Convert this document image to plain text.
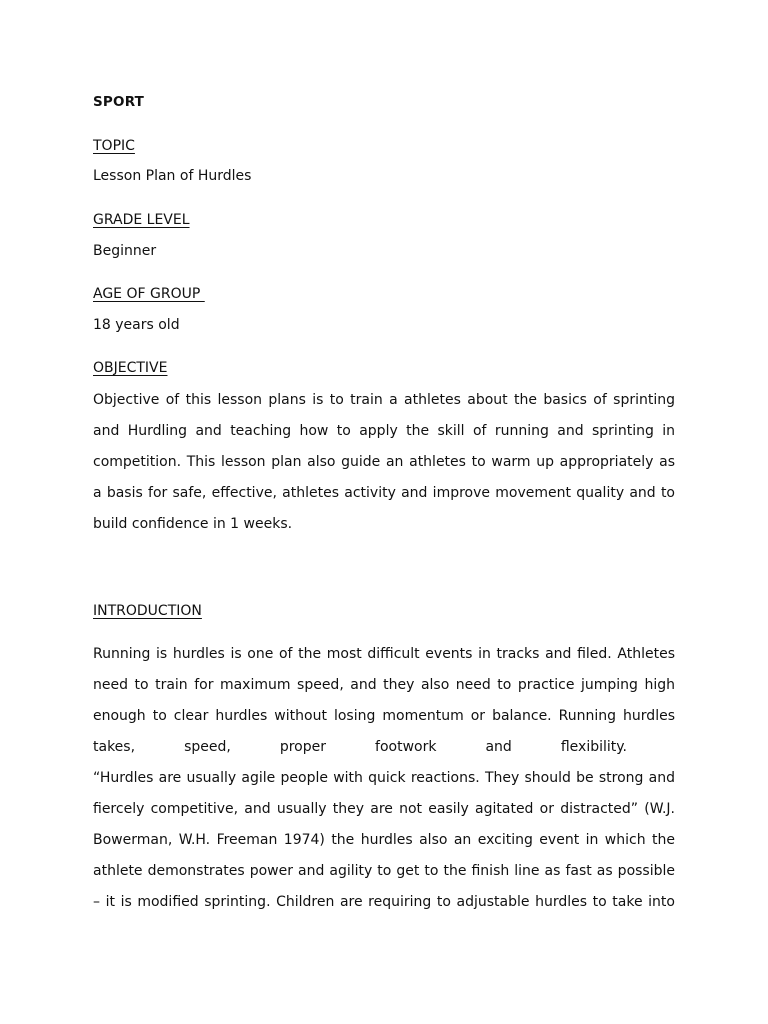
SPORT
TOPIC
Lesson Plan of Hurdles
GRADE LEVEL
Beginner
AGE OF GROUP
18 years old
OBJECTIVE
Objective of this lesson plans is to train a athletes about the basics of sprinting
and Hurdling and teaching how to apply the skill of running and sprinting in
competition. This lesson plan also guide an athletes to warm up appropriately as
a basis for safe, effective, athletes activity and improve movement quality and to
build confidence in 1 weeks.
INTRODUCTION
Running is hurdles is one of the most difficult events in tracks and filed. Athletes
need to train for maximum speed, and they also need to practice jumping high
enough to clear hurdles without losing momentum or balance. Running hurdles
takes, speed, proper footwork and flexibility.
“Hurdles are usually agile people with quick reactions. They should be strong and
fiercely competitive, and usually they are not easily agitated or distracted” (W.J.
Bowerman, W.H. Freeman 1974) the hurdles also an exciting event in which the
athlete demonstrates power and agility to get to the finish line as fast as possible
– it is modified sprinting. Children are requiring to adjustable hurdles to take into
